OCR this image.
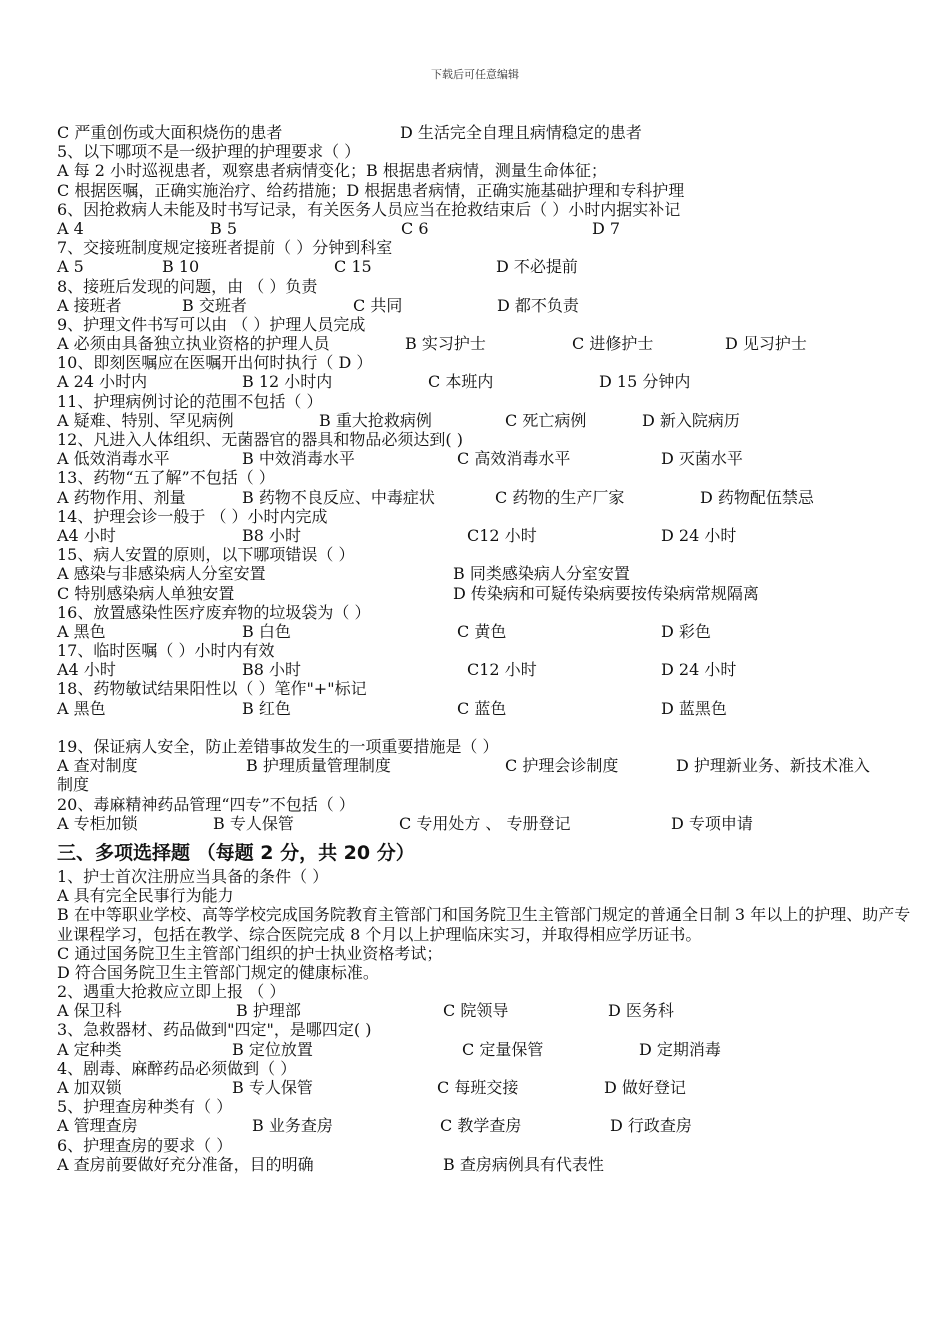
下载后可任意编辑
C 严重创伤或大面积烧伤的患者	D 生活完全自理且病情稳定的患者
5、以下哪项不是一级护理的护理要求（ ）
A 每 2 小时巡视患者，观察患者病情变化；B 根据患者病情，测量生命体征；
C 根据医嘱，正确实施治疗、给药措施；D 根据患者病情，正确实施基础护理和专科护理
6、因抢救病人未能及时书写记录，有关医务人员应当在抢救结束后（ ）小时内据实补记
A 4	B 5	C 6	D 7
7、交接班制度规定接班者提前（ ）分钟到科室
A 5	B 10	C 15	D 不必提前
8、接班后发现的问题，由 （ ）负责
A 接班者	B 交班者	C 共同	D 都不负责
9、护理文件书写可以由 （ ）护理人员完成
A 必须由具备独立执业资格的护理人员	B 实习护士	C 进修护士	D 见习护士
10、即刻医嘱应在医嘱开出何时执行（ D ）
A 24 小时内	B 12 小时内	C 本班内	D 15 分钟内
11、护理病例讨论的范围不包括（ ）
A 疑难、特别、罕见病例	B 重大抢救病例	C 死亡病例	D 新入院病历
12、凡进入人体组织、无菌器官的器具和物品必须达到( )
A 低效消毒水平	B 中效消毒水平	C 高效消毒水平	D 灭菌水平
13、药物“五了解”不包括（ ）
A 药物作用、剂量	B 药物不良反应、中毒症状	C 药物的生产厂家	D 药物配伍禁忌
14、护理会诊一般于 （ ）小时内完成
A4 小时	B8 小时	C12 小时	D 24 小时
15、病人安置的原则，以下哪项错误（ ）
A 感染与非感染病人分室安置	B 同类感染病人分室安置
C 特别感染病人单独安置	D 传染病和可疑传染病要按传染病常规隔离
16、放置感染性医疗废弃物的垃圾袋为（ ）
A 黑色	B 白色	C 黄色	D 彩色
17、临时医嘱（ ）小时内有效
A4 小时	B8 小时	C12 小时	D 24 小时
18、药物敏试结果阳性以（ ）笔作"+"标记
A 黑色	B 红色	C 蓝色	D 蓝黑色
19、保证病人安全，防止差错事故发生的一项重要措施是（ ）
A 查对制度	B 护理质量管理制度	C 护理会诊制度	D 护理新业务、新技术准入
制度
20、毒麻精神药品管理“四专”不包括（ ）
A 专柜加锁	B 专人保管	C 专用处方 、 专册登记	D 专项申请
三、多项选择题 （每题 2 分，共 20 分）
1、护士首次注册应当具备的条件（ ）
A 具有完全民事行为能力
B 在中等职业学校、高等学校完成国务院教育主管部门和国务院卫生主管部门规定的普通全日制 3 年以上的护理、助产专业课程学习，包括在教学、综合医院完成 8 个月以上护理临床实习，并取得相应学历证书。
C 通过国务院卫生主管部门组织的护士执业资格考试；
D 符合国务院卫生主管部门规定的健康标准。
2、遇重大抢救应立即上报 （ ）
A 保卫科	B 护理部	C 院领导	D 医务科
3、急救器材、药品做到"四定"，是哪四定( )
A 定种类	B 定位放置	C 定量保管	D 定期消毒
4、剧毒、麻醉药品必须做到（ ）
A 加双锁	B 专人保管	C 每班交接	D 做好登记
5、护理查房种类有（ ）
A 管理查房	B 业务查房	C 教学查房	D 行政查房
6、护理查房的要求（ ）
A 查房前要做好充分准备，目的明确	B 查房病例具有代表性
